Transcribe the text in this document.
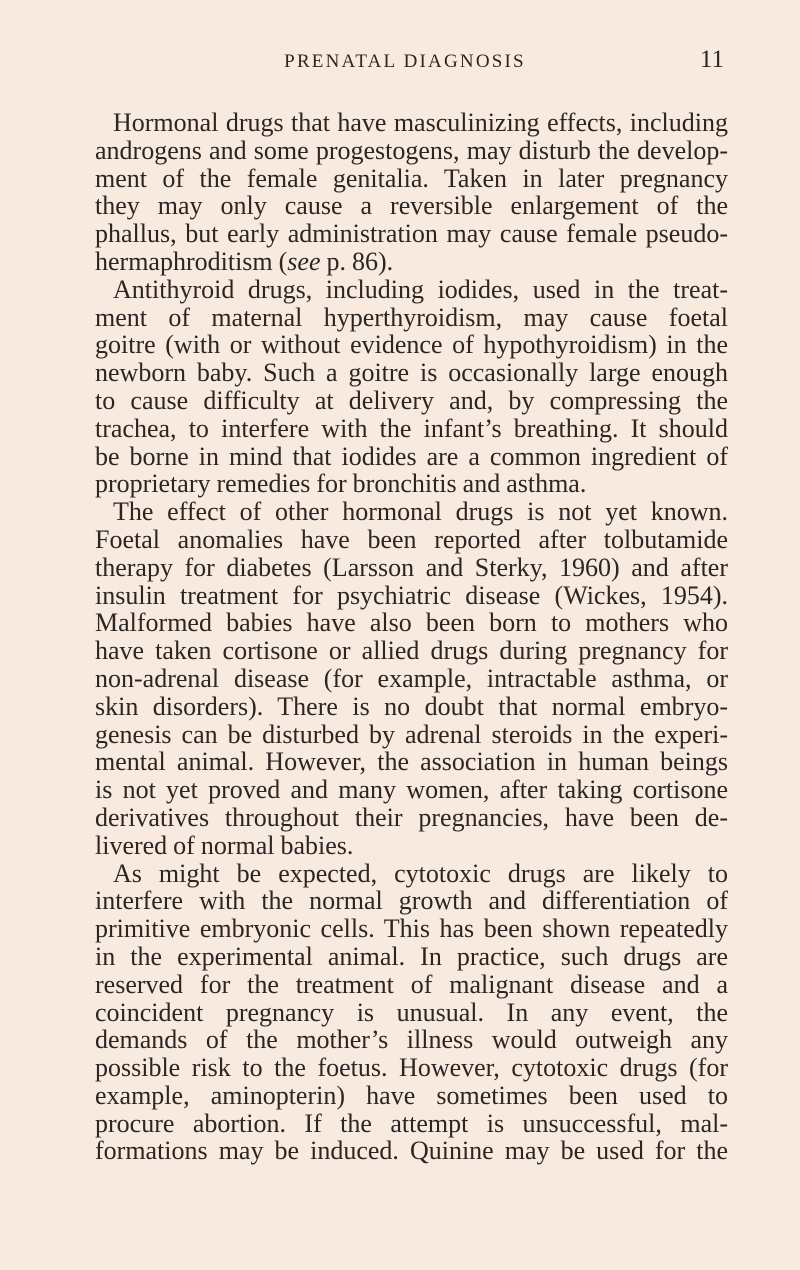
PRENATAL DIAGNOSIS	11
Hormonal drugs that have masculinizing effects, including
androgens and some progestogens, may disturb the develop-
ment of the female genitalia. Taken in later pregnancy
they may only cause a reversible enlargement of the
phallus, but early administration may cause female pseudo-
hermaphroditism (see p. 86).
Antithyroid drugs, including iodides, used in the treat-
ment of maternal hyperthyroidism, may cause foetal
goitre (with or without evidence of hypothyroidism) in the
newborn baby. Such a goitre is occasionally large enough
to cause difficulty at delivery and, by compressing the
trachea, to interfere with the infant’s breathing. It should
be borne in mind that iodides are a common ingredient of
proprietary remedies for bronchitis and asthma.
The effect of other hormonal drugs is not yet known.
Foetal anomalies have been reported after tolbutamide
therapy for diabetes (Larsson and Sterky, 1960) and after
insulin treatment for psychiatric disease (Wickes, 1954).
Malformed babies have also been born to mothers who
have taken cortisone or allied drugs during pregnancy for
non-adrenal disease (for example, intractable asthma, or
skin disorders). There is no doubt that normal embryo-
genesis can be disturbed by adrenal steroids in the experi-
mental animal. However, the association in human beings
is not yet proved and many women, after taking cortisone
derivatives throughout their pregnancies, have been de-
livered of normal babies.
As might be expected, cytotoxic drugs are likely to
interfere with the normal growth and differentiation of
primitive embryonic cells. This has been shown repeatedly
in the experimental animal. In practice, such drugs are
reserved for the treatment of malignant disease and a
coincident pregnancy is unusual. In any event, the
demands of the mother’s illness would outweigh any
possible risk to the foetus. However, cytotoxic drugs (for
example, aminopterin) have sometimes been used to
procure abortion. If the attempt is unsuccessful, mal-
formations may be induced. Quinine may be used for the
